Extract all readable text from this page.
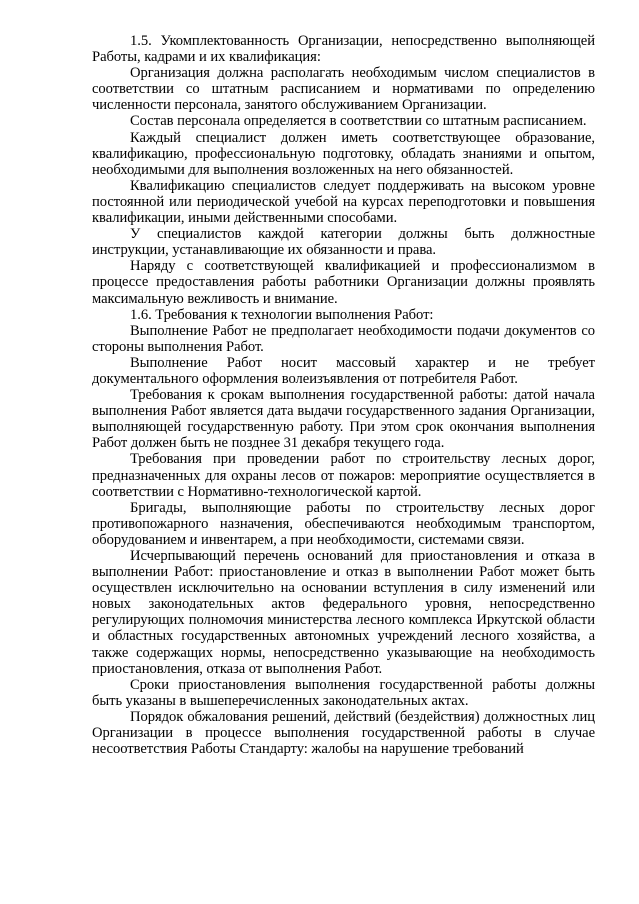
1.5. Укомплектованность Организации, непосредственно выполняющей Работы, кадрами и их квалификация:

Организация должна располагать необходимым числом специалистов в соответствии со штатным расписанием и нормативами по определению численности персонала, занятого обслуживанием Организации.

Состав персонала определяется в соответствии со штатным расписанием.

Каждый специалист должен иметь соответствующее образование, квалификацию, профессиональную подготовку, обладать знаниями и опытом, необходимыми для выполнения возложенных на него обязанностей.

Квалификацию специалистов следует поддерживать на высоком уровне постоянной или периодической учебой на курсах переподготовки и повышения квалификации, иными действенными способами.

У специалистов каждой категории должны быть должностные инструкции, устанавливающие их обязанности и права.

Наряду с соответствующей квалификацией и профессионализмом в процессе предоставления работы работники Организации должны проявлять максимальную вежливость и внимание.

1.6. Требования к технологии выполнения Работ:

Выполнение Работ не предполагает необходимости подачи документов со стороны выполнения Работ.

Выполнение Работ носит массовый характер и не требует документального оформления волеизъявления от потребителя Работ.

Требования к срокам выполнения государственной работы: датой начала выполнения Работ является дата выдачи государственного задания Организации, выполняющей государственную работу. При этом срок окончания выполнения Работ должен быть не позднее 31 декабря текущего года.

Требования при проведении работ по строительству лесных дорог, предназначенных для охраны лесов от пожаров: мероприятие осуществляется в соответствии с Нормативно-технологической картой.

Бригады, выполняющие работы по строительству лесных дорог противопожарного назначения, обеспечиваются необходимым транспортом, оборудованием и инвентарем, а при необходимости, системами связи.

Исчерпывающий перечень оснований для приостановления и отказа в выполнении Работ: приостановление и отказ в выполнении Работ может быть осуществлен исключительно на основании вступления в силу изменений или новых законодательных актов федерального уровня, непосредственно регулирующих полномочия министерства лесного комплекса Иркутской области и областных государственных автономных учреждений лесного хозяйства, а также содержащих нормы, непосредственно указывающие на необходимость приостановления, отказа от выполнения Работ.

Сроки приостановления выполнения государственной работы должны быть указаны в вышеперечисленных законодательных актах.

Порядок обжалования решений, действий (бездействия) должностных лиц Организации в процессе выполнения государственной работы в случае несоответствия Работы Стандарту: жалобы на нарушение требований
